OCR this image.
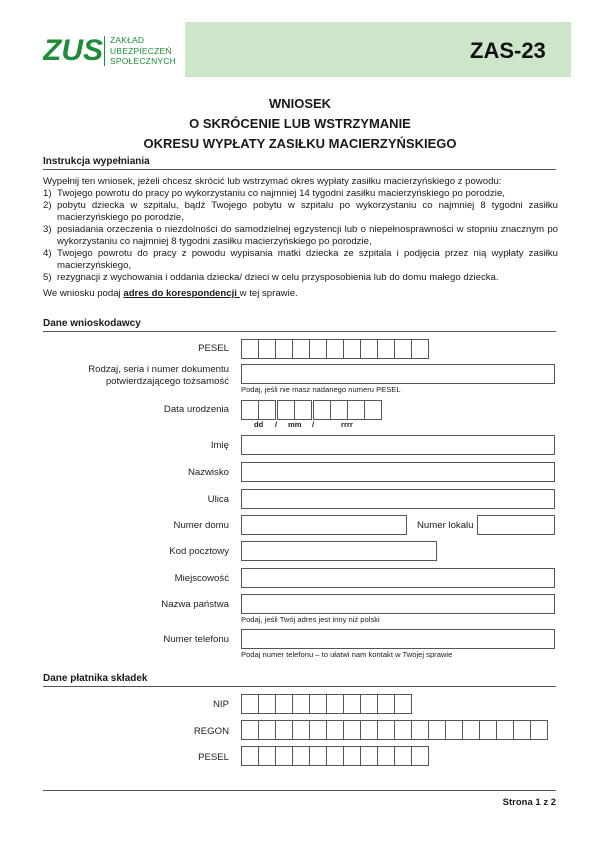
ZUS ZAKŁAD
UBEZPIECZEŃ
SPOŁECZNYCH	ZAS-23
WNIOSEK
O SKRÓCENIE LUB WSTRZYMANIE
OKRESU WYPŁATY ZASIŁKU MACIERZYŃSKIEGO
Instrukcja wypełniania
Wypełnij ten wniosek, jeżeli chcesz skrócić lub wstrzymać okres wypłaty zasiłku macierzyńskiego z powodu:
1) Twojego powrotu do pracy po wykorzystaniu co najmniej 14 tygodni zasiłku macierzyńskiego po porodzie,
2) pobytu dziecka w szpitalu, bądź Twojego pobytu w szpitalu po wykorzystaniu co najmniej 8 tygodni zasiłku macierzyńskiego po porodzie,
3) posiadania orzeczenia o niezdolności do samodzielnej egzystencji lub o niepełnosprawności w stopniu znacznym po wykorzystaniu co najmniej 8 tygodni zasiłku macierzyńskiego po porodzie,
4) Twojego powrotu do pracy z powodu wypisania matki dziecka ze szpitala i podjęcia przez nią wypłaty zasiłku macierzyńskiego,
5) rezygnacji z wychowania i oddania dziecka/ dzieci w celu przysposobienia lub do domu małego dziecka.
We wniosku podaj adres do korespondencji w tej sprawie.
Dane wnioskodawcy
PESEL
Rodzaj, seria i numer dokumentu
potwierdzającego tożsamość
Podaj, jeśli nie masz nadanego numeru PESEL
Data urodzenia
dd / mm /	rrrr
Imię
Nazwisko
Ulica
Numer domu	Numer lokalu
Kod pocztowy
Miejscowość
Nazwa państwa
Podaj, jeśli Twój adres jest inny niż polski
Numer telefonu
Podaj numer telefonu – to ułatwi nam kontakt w Twojej sprawie
Dane płatnika składek
NIP
REGON
PESEL
Strona 1 z 2
